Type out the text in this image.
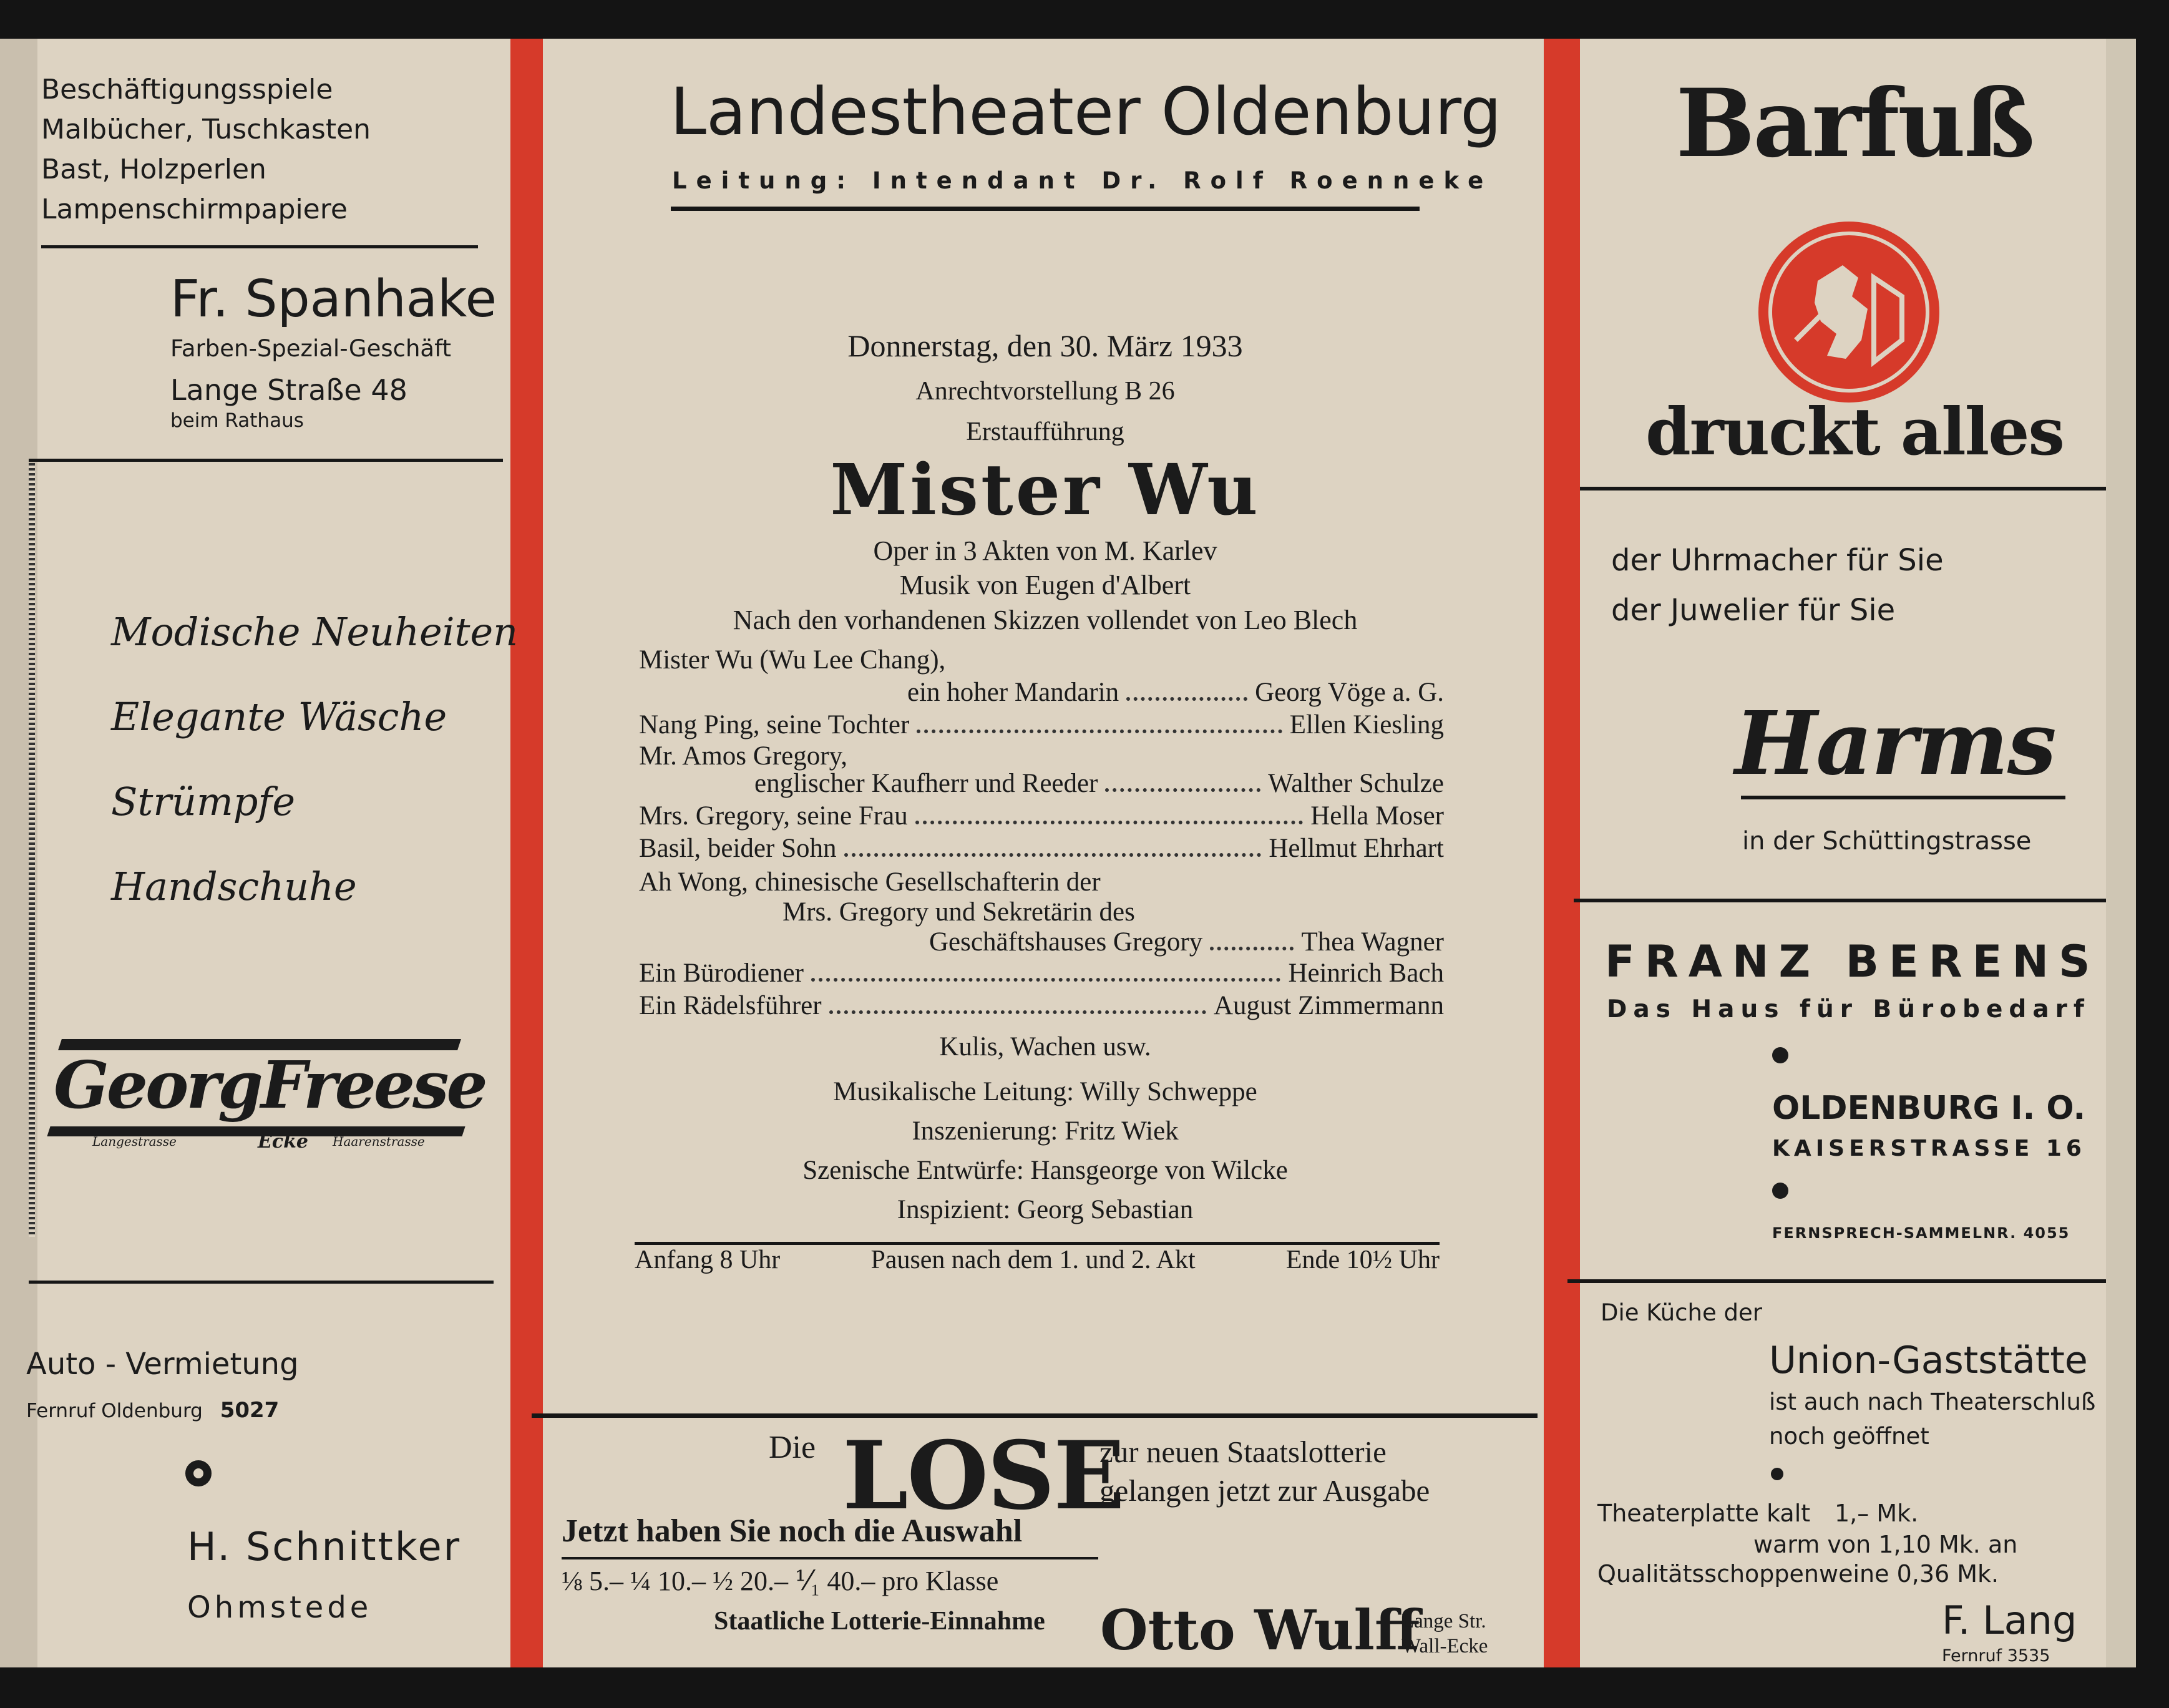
Beschäftigungsspiele
Malbücher, Tuschkasten
Bast, Holzperlen
Lampenschirmpapiere
Fr. Spanhake
Farben-Spezial-Geschäft
Lange Straße 48
beim Rathaus
Modische Neuheiten
Elegante Wäsche
Strümpfe
Handschuhe
GeorgFreese
Langestrasse	Ecke Haarenstrasse
Auto - Vermietung
Fernruf Oldenburg 5027
H. Schnittker
Ohmstede
Landestheater Oldenburg
Leitung: Intendant Dr. Rolf Roenneke
Donnerstag, den 30. März 1933
Anrechtvorstellung B 26
Erstaufführung
Mister Wu
Oper in 3 Akten von M. Karlev
Musik von Eugen d'Albert
Nach den vorhandenen Skizzen vollendet von Leo Blech
Mister Wu (Wu Lee Chang),
ein hoher Mandarin	Georg Vöge a. G.
Nang Ping, seine Tochter	Ellen Kiesling
Mr. Amos Gregory,
englischer Kaufherr und Reeder	Walther Schulze
Mrs. Gregory, seine Frau	Hella Moser
Basil, beider Sohn	Hellmut Ehrhart
Ah Wong, chinesische Gesellschafterin der
Mrs. Gregory und Sekretärin des
Geschäftshauses Gregory	Thea Wagner
Ein Bürodiener	Heinrich Bach
Ein Rädelsführer	August Zimmermann
Kulis, Wachen usw.
Musikalische Leitung: Willy Schweppe
Inszenierung: Fritz Wiek
Szenische Entwürfe: Hansgeorge von Wilcke
Inspizient: Georg Sebastian
Anfang 8 Uhr	Pausen nach dem 1. und 2. Akt	Ende 10½ Uhr
Die LOSE
zur neuen Staatslotterie
gelangen jetzt zur Ausgabe
Jetzt haben Sie noch die Auswahl
⅛ 5.– ¼ 10.– ½ 20.– ⅟₁ 40.– pro Klasse
Staatliche Lotterie-Einnahme Otto Wulff
Lange Str.
Wall-Ecke
Barfuß
druckt alles
der Uhrmacher für Sie
der Juwelier für Sie
Harms
in der Schüttingstrasse
FRANZ BERENS
Das Haus für Bürobedarf
OLDENBURG I. O.
KAISERSTRASSE 16
FERNSPRECH-SAMMELNR. 4055
Die Küche der
Union-Gaststätte
ist auch nach Theaterschluß
noch geöffnet
Theaterplatte kalt 1,– Mk.
warm von 1,10 Mk. an
Qualitätsschoppenweine 0,36 Mk.
F. Lang
Fernruf 3535
